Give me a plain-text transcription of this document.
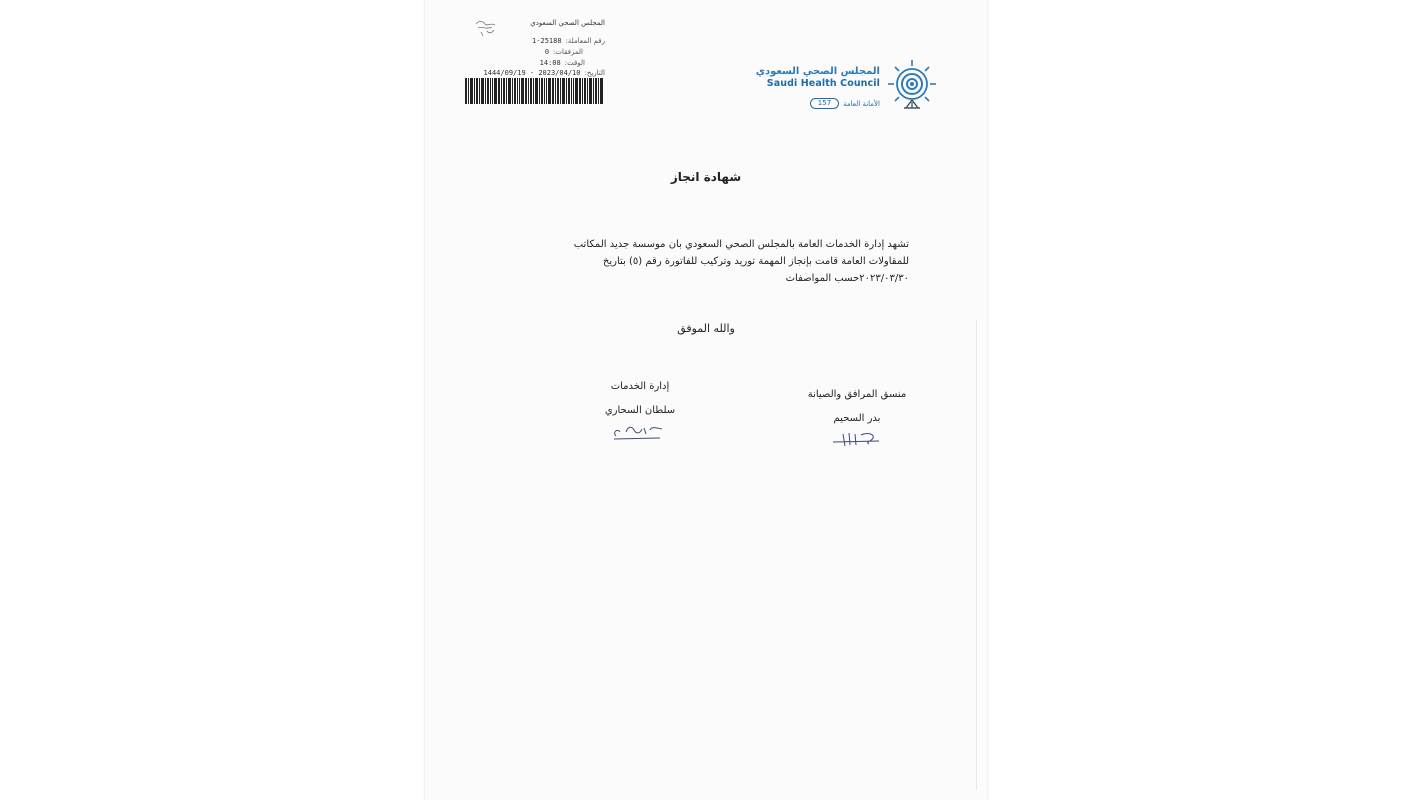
المجلس الصحي السعودي
رقم المعاملة:1-25188
المرفقات:0
الوقت:14:08
التاريخ:1444/09/19 - 2023/04/10	المجلس الصحي السعودي
Saudi Health Council
الأمانة العامة
157
شهادة انجاز
تشهد إدارة الخدمات العامة بالمجلس الصحي السعودي بان موسسة جديد المكاتب
للمقاولات العامة قامت بإنجاز المهمة توريد وتركيب للفاتورة رقم (٥) بتاريخ
٢٠٢٣/٠٣/٣٠حسب المواصفات
والله الموفق
منسق المرافق والصيانة
بدر السحيم
إدارة الخدمات
سلطان السحاري
